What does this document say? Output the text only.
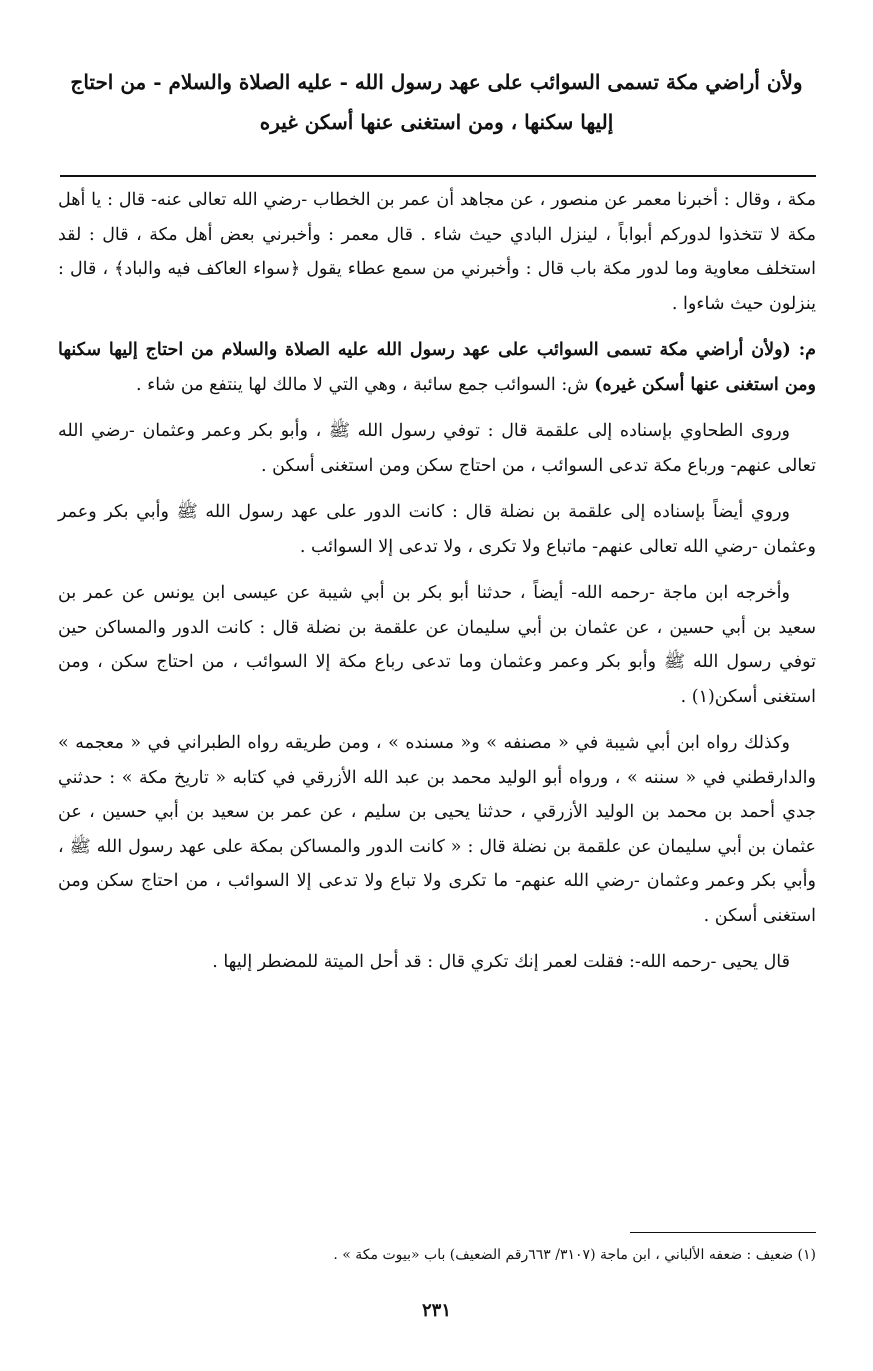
ولأن أراضي مكة تسمى السوائب على عهد رسول الله - عليه الصلاة والسلام - من احتاج
إليها سكنها ، ومن استغنى عنها أسكن غيره

مكة ، وقال : أخبرنا معمر عن منصور ، عن مجاهد أن عمر بن الخطاب -رضي الله تعالى عنه- قال : يا أهل مكة لا تتخذوا لدوركم أبواباً ، لينزل البادي حيث شاء . قال معمر : وأخبرني بعض أهل مكة ، قال : لقد استخلف معاوية وما لدور مكة باب قال : وأخبرني من سمع عطاء يقول ﴿سواء العاكف فيه والباد﴾ ، قال : ينزلون حيث شاءوا .

م: (ولأن أراضي مكة تسمى السوائب على عهد رسول الله عليه الصلاة والسلام من احتاج إليها سكنها ومن استغنى عنها أسكن غيره) ش: السوائب جمع سائبة ، وهي التي لا مالك لها ينتفع من شاء .

وروى الطحاوي بإسناده إلى علقمة قال : توفي رسول الله ﷺ ، وأبو بكر وعمر وعثمان -رضي الله تعالى عنهم- ورباع مكة تدعى السوائب ، من احتاج سكن ومن استغنى أسكن .

وروي أيضاً بإسناده إلى علقمة بن نضلة قال : كانت الدور على عهد رسول الله ﷺ وأبي بكر وعمر وعثمان -رضي الله تعالى عنهم- ماتباع ولا تكرى ، ولا تدعى إلا السوائب .

وأخرجه ابن ماجة -رحمه الله- أيضاً ، حدثنا أبو بكر بن أبي شيبة عن عيسى ابن يونس عن عمر بن سعيد بن أبي حسين ، عن عثمان بن أبي سليمان عن علقمة بن نضلة قال : كانت الدور والمساكن حين توفي رسول الله ﷺ وأبو بكر وعمر وعثمان وما تدعى رباع مكة إلا السوائب ، من احتاج سكن ، ومن استغنى أسكن(١) .

وكذلك رواه ابن أبي شيبة في « مصنفه » و« مسنده » ، ومن طريقه رواه الطبراني في « معجمه » والدارقطني في « سننه » ، ورواه أبو الوليد محمد بن عبد الله الأزرقي في كتابه « تاريخ مكة » : حدثني جدي أحمد بن محمد بن الوليد الأزرقي ، حدثنا يحيى بن سليم ، عن عمر بن سعيد بن أبي حسين ، عن عثمان بن أبي سليمان عن علقمة بن نضلة قال : « كانت الدور والمساكن بمكة على عهد رسول الله ﷺ ، وأبي بكر وعمر وعثمان -رضي الله عنهم- ما تكرى ولا تباع ولا تدعى إلا السوائب ، من احتاج سكن ومن استغنى أسكن .

قال يحيى -رحمه الله-: فقلت لعمر إنك تكري قال : قد أحل الميتة للمضطر إليها .

(١) ضعيف : ضعفه الألباني ، ابن ماجة (٣١٠٧/ ٦٦٣رقم الضعيف) باب «بيوت مكة » .
٢٣١
